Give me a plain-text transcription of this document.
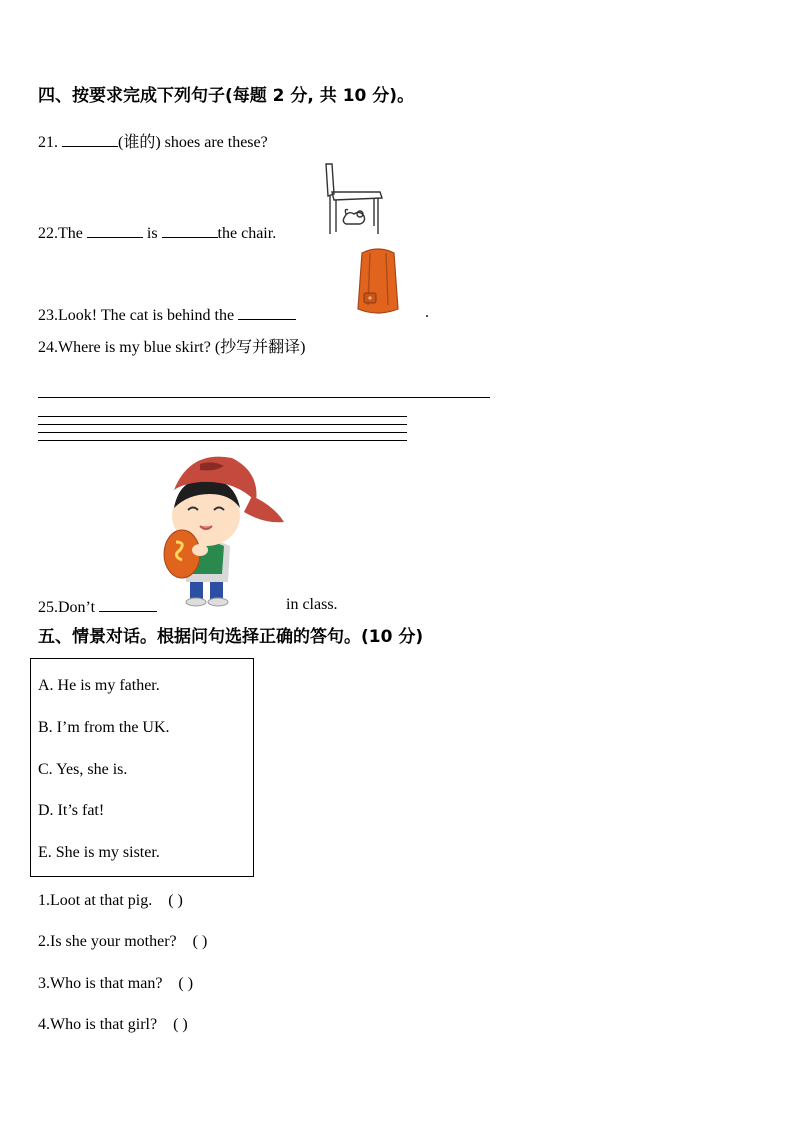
四、按要求完成下列句子(每题 2 分, 共 10 分)。
21.	(谁的) shoes are these?
22.The	is	the chair.
23.Look! The cat is behind the	.
24.Where is my blue skirt? (抄写并翻译)
25.Don’t	in class.
五、情景对话。根据问句选择正确的答句。(10 分)
A. He is my father.
B. I’m from the UK.
C. Yes, she is.
D. It’s fat!
E. She is my sister.
1.Loot at that pig. ( )
2.Is she your mother? ( )
3.Who is that man? ( )
4.Who is that girl? ( )
